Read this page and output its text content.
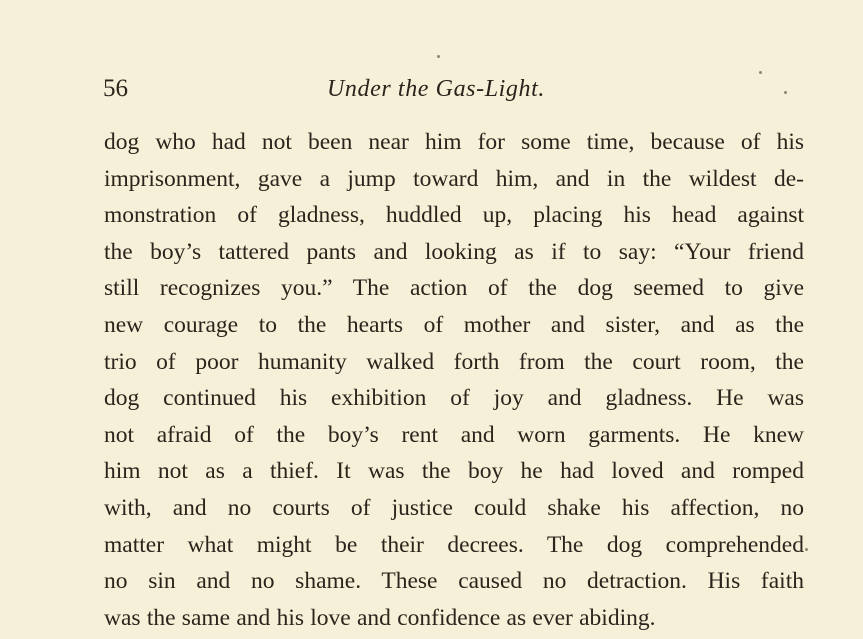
56	Under the Gas-Light.
dog who had not been near him for some time, because of his
imprisonment, gave a jump toward him, and in the wildest de-
monstration of gladness, huddled up, placing his head against
the boy’s tattered pants and looking as if to say: “Your friend
still recognizes you.” The action of the dog seemed to give
new courage to the hearts of mother and sister, and as the
trio of poor humanity walked forth from the court room, the
dog continued his exhibition of joy and gladness. He was
not afraid of the boy’s rent and worn garments. He knew
him not as a thief. It was the boy he had loved and romped
with, and no courts of justice could shake his affection, no
matter what might be their decrees. The dog comprehended
no sin and no shame. These caused no detraction. His faith
was the same and his love and confidence as ever abiding.
